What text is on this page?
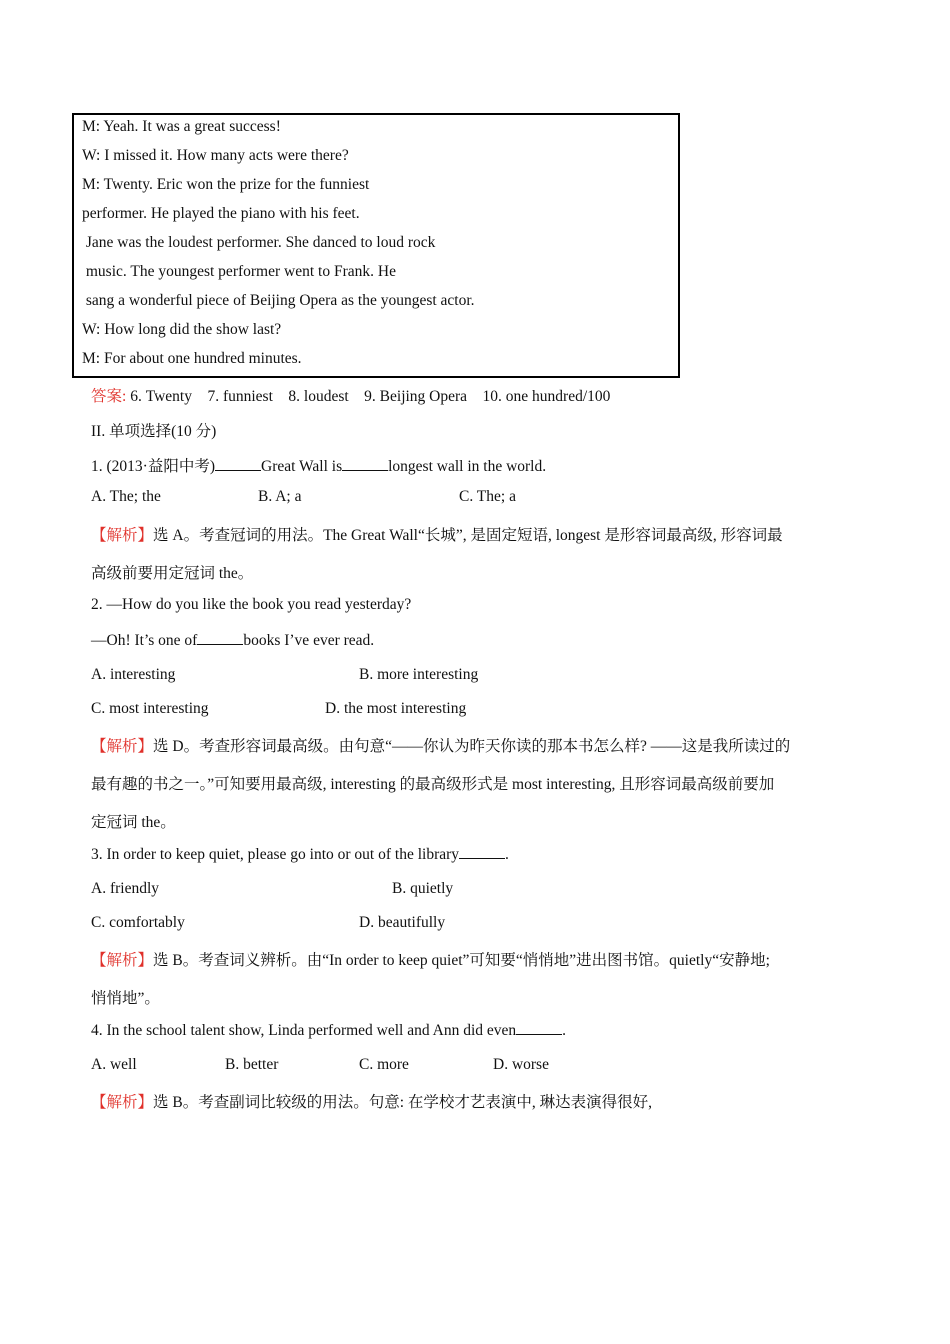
M: Yeah. It was a great success!
W: I missed it. How many acts were there?
M: Twenty. Eric won the prize for the funniest
performer. He played the piano with his feet.
Jane was the loudest performer. She danced to loud rock
music. The youngest performer went to Frank. He
sang a wonderful piece of Beijing Opera as the youngest actor.
W: How long did the show last?
M: For about one hundred minutes.
答案: 6. Twenty    7. funniest    8. loudest    9. Beijing Opera    10. one hundred/100
II. 单项选择(10 分)
1. (2013·益阳中考)	Great Wall is	longest wall in the world.
A. The; the	B. A; a	C. The; a
【解析】选 A。考查冠词的用法。The Great Wall“长城”, 是固定短语, longest 是形容词最高级, 形容词最
高级前要用定冠词 the。
2. —How do you like the book you read yesterday?
—Oh! It’s one of	books I’ve ever read.
A. interesting	B. more interesting
C. most interesting	D. the most interesting
【解析】选 D。考查形容词最高级。由句意“——你认为昨天你读的那本书怎么样? ——这是我所读过的
最有趣的书之一。”可知要用最高级, interesting 的最高级形式是 most interesting, 且形容词最高级前要加
定冠词 the。
3. In order to keep quiet, please go into or out of the library	.
A. friendly	B. quietly
C. comfortably	D. beautifully
【解析】选 B。考查词义辨析。由“In order to keep quiet”可知要“悄悄地”进出图书馆。quietly“安静地;
悄悄地”。
4. In the school talent show, Linda performed well and Ann did even	.
A. well	B. better	C. more	D. worse
【解析】选 B。考查副词比较级的用法。句意: 在学校才艺表演中, 琳达表演得很好,
